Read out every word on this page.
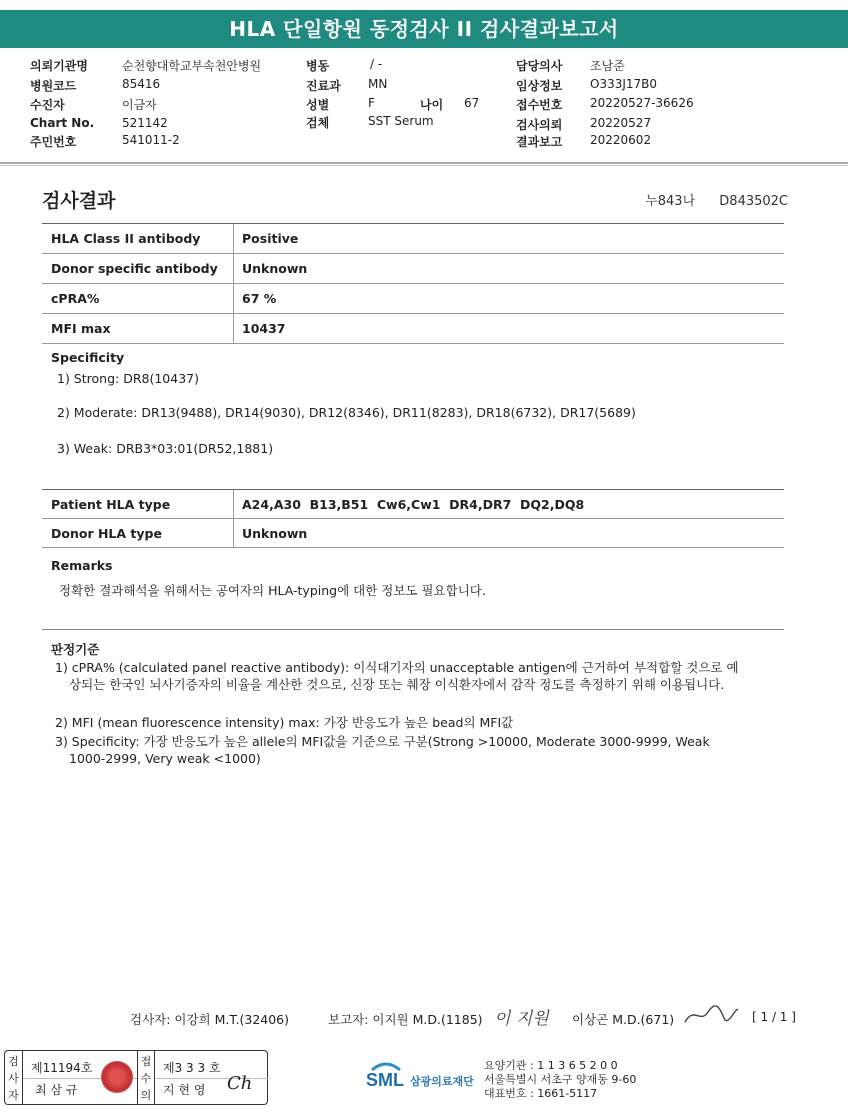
HLA 단일항원 동정검사 II 검사결과보고서
의뢰기관명	순천향대학교부속천안병원
병원코드	85416
수진자	이금자
Chart No. 521142
주민번호	541011-2
병동	/ -
진료과 MN
성별	F	나이 67
검체	SST Serum
담당의사 조남준
임상정보 O333J17B0
접수번호 20220527-36626
검사의뢰 20220527
결과보고 20220602
검사결과	누843나 D843502C
HLA Class II antibody	Positive
Donor specific antibody	Unknown
cPRA%	67 %
MFI max	10437
Specificity
1) Strong: DR8(10437)
2) Moderate: DR13(9488), DR14(9030), DR12(8346), DR11(8283), DR18(6732), DR17(5689)
3) Weak: DRB3*03:01(DR52,1881)
Patient HLA type	A24,A30  B13,B51  Cw6,Cw1  DR4,DR7  DQ2,DQ8
Donor HLA type	Unknown
Remarks
정확한 결과해석을 위해서는 공여자의 HLA-typing에 대한 정보도 필요합니다.
판정기준
1) cPRA% (calculated panel reactive antibody): 이식대기자의 unacceptable antigen에 근거하여 부적합할 것으로 예상되는 한국인 뇌사기증자의 비율을 계산한 것으로, 신장 또는 췌장 이식환자에서 감작 정도를 측정하기 위해 이용됩니다.
2) MFI (mean fluorescence intensity) max: 가장 반응도가 높은 bead의 MFI값
3) Specificity: 가장 반응도가 높은 allele의 MFI값을 기준으로 구분(Strong >10000, Moderate 3000-9999, Weak 1000-2999, Very weak <1000)
검사자: 이강희 M.T.(32406)	보고자: 이지원 M.D.(1185) 이 지원 이상곤 M.D.(671)	[ 1 / 1 ]
검사자
제11194호
최 삼 규
접수의
제3 3 3 호
지 현 영 Ch	SML 삼광의료재단
요양기관 : 1 1 3 6 5 2 0 0
서울특별시 서초구 양재동 9-60
대표번호 : 1661-5117
